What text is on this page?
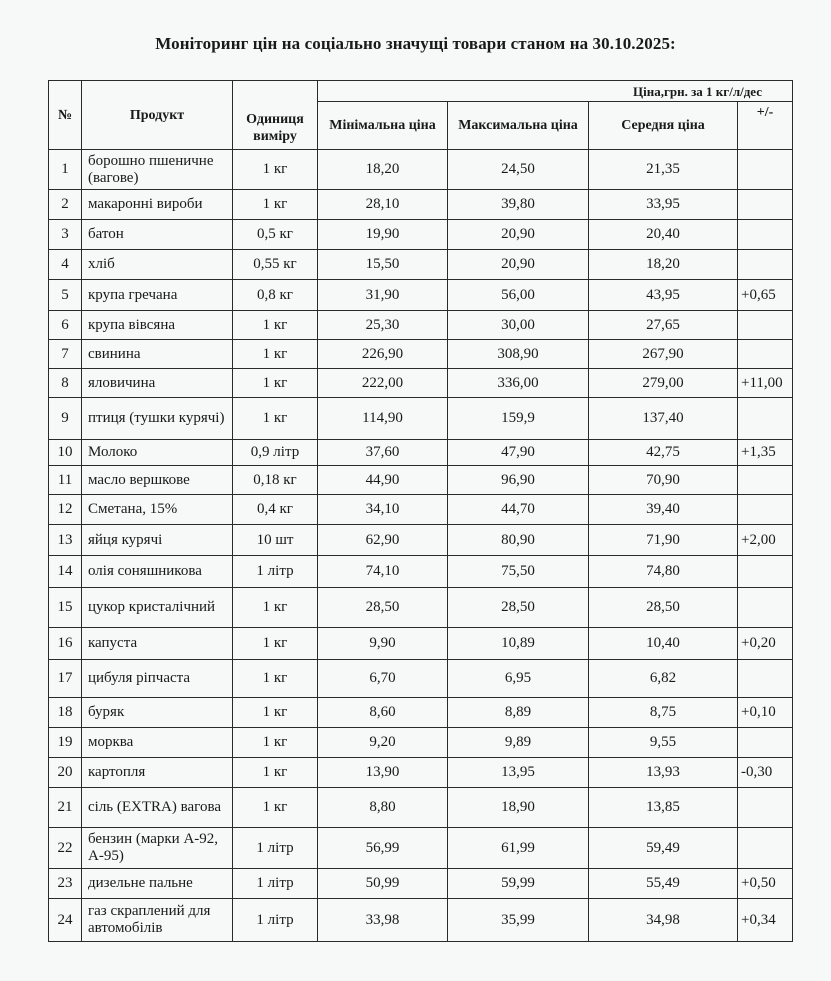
Моніторинг цін на соціально значущі товари станом на 30.10.2025:
№	Продукт	Одиниця виміру	Ціна,грн. за 1 кг/л/дес			
			Мінімальна ціна	Максимальна ціна	Середня ціна	+/-
1	борошно пшеничне (вагове)	1 кг	18,20	24,50	21,35	
2	макаронні вироби	1 кг	28,10	39,80	33,95	
3	батон	0,5 кг	19,90	20,90	20,40	
4	хліб	0,55 кг	15,50	20,90	18,20	
5	крупа гречана	0,8 кг	31,90	56,00	43,95	+0,65
6	крупа вівсяна	1 кг	25,30	30,00	27,65	
7	свинина	1 кг	226,90	308,90	267,90	
8	яловичина	1 кг	222,00	336,00	279,00	+11,00
9	птиця (тушки курячі)	1 кг	114,90	159,9	137,40	
10	Молоко	0,9 літр	37,60	47,90	42,75	+1,35
11	масло вершкове	0,18 кг	44,90	96,90	70,90	
12	Сметана, 15%	0,4 кг	34,10	44,70	39,40	
13	яйця курячі	10 шт	62,90	80,90	71,90	+2,00
14	олія соняшникова	1 літр	74,10	75,50	74,80	
15	цукор кристалічний	1 кг	28,50	28,50	28,50	
16	капуста	1 кг	9,90	10,89	10,40	+0,20
17	цибуля ріпчаста	1 кг	6,70	6,95	6,82	
18	буряк	1 кг	8,60	8,89	8,75	+0,10
19	морква	1 кг	9,20	9,89	9,55	
20	картопля	1 кг	13,90	13,95	13,93	-0,30
21	сіль (EXTRA) вагова	1 кг	8,80	18,90	13,85	
22	бензин (марки А-92, А-95)	1 літр	56,99	61,99	59,49	
23	дизельне пальне	1 літр	50,99	59,99	55,49	+0,50
24	газ скраплений для автомобілів	1 літр	33,98	35,99	34,98	+0,34
